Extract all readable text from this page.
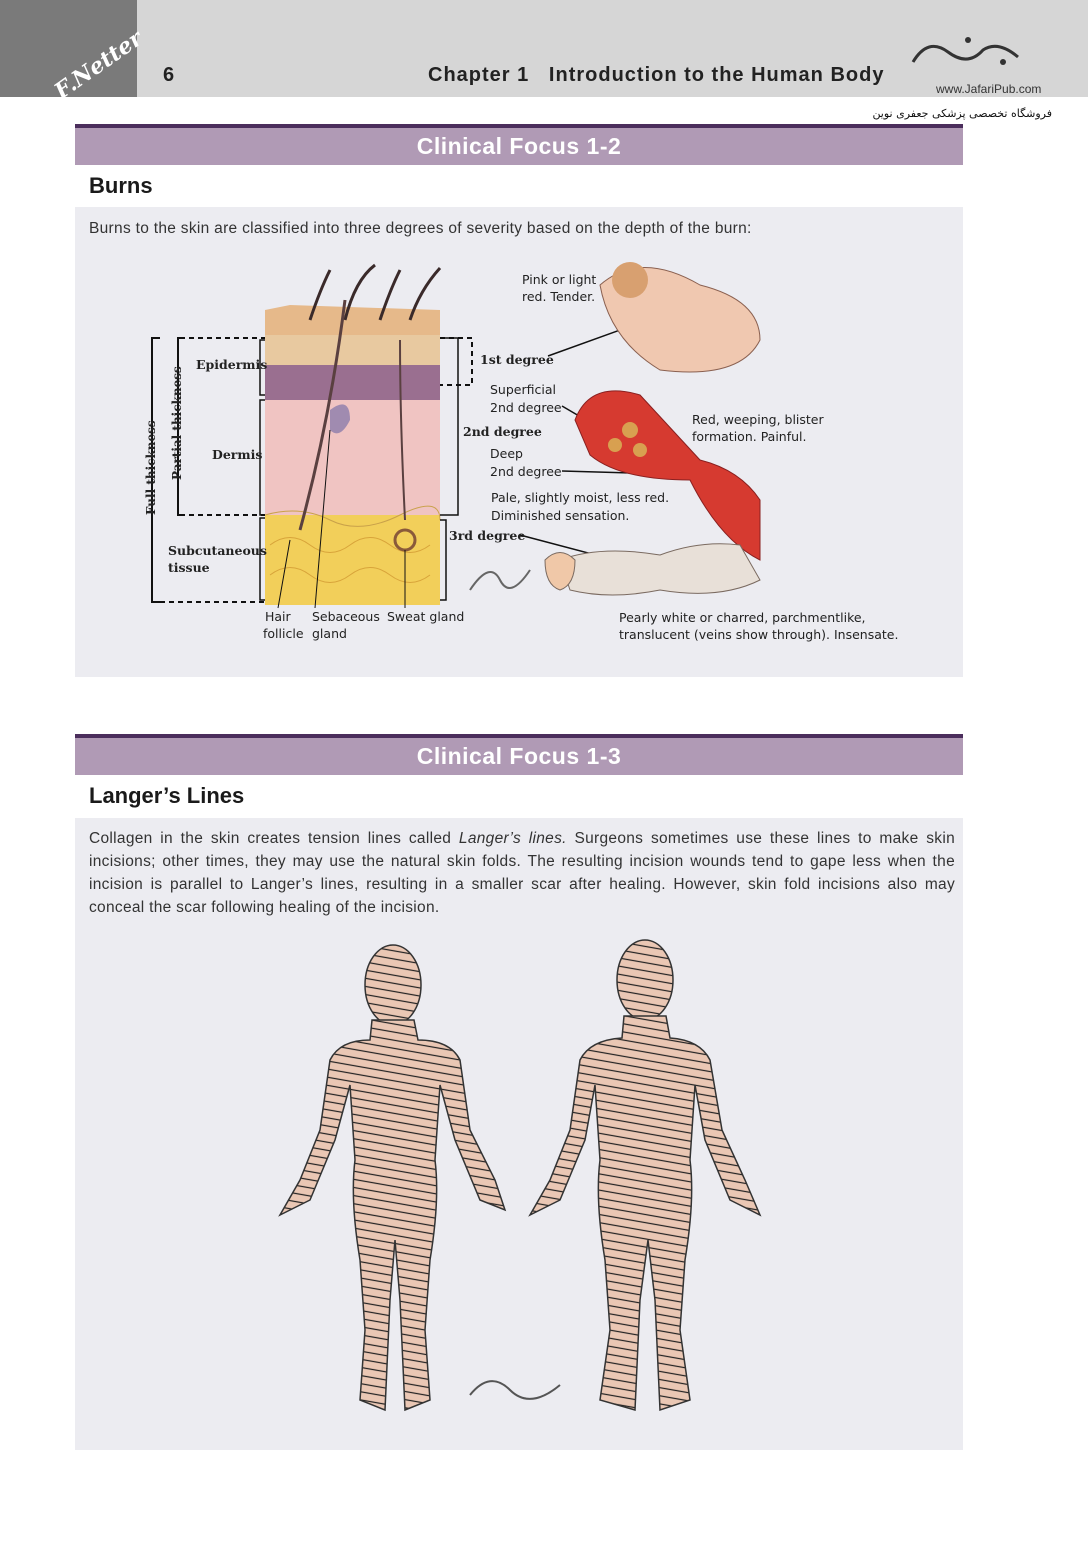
F.Netter 6	Chapter 1   Introduction to the Human Body
www.JafariPub.com
فروشگاه تخصصی پزشکی جعفری نوین
Clinical Focus 1-2
Burns
Burns to the skin are classified into three degrees of severity based on the depth of the burn:
Full thickness Partial thickness
Epidermis
Dermis
Subcutaneous
tissue
Hair
follicle
Sebaceous
gland
Sweat gland
1st degree
2nd degree
3rd degree
Pink or light
red. Tender.
Superficial
2nd degree
Red, weeping, blister
formation. Painful.
Deep
2nd degree
Pale, slightly moist, less red.
Diminished sensation.
Pearly white or charred, parchmentlike,
translucent (veins show through). Insensate.
Clinical Focus 1-3
Langer’s Lines
Collagen in the skin creates tension lines called Langer’s lines. Surgeons sometimes use these lines to make skin incisions; other times, they may use the natural skin folds. The resulting incision wounds tend to gape less when the incision is parallel to Langer’s lines, resulting in a smaller scar after healing. However, skin fold incisions also may conceal the scar following healing of the incision.
